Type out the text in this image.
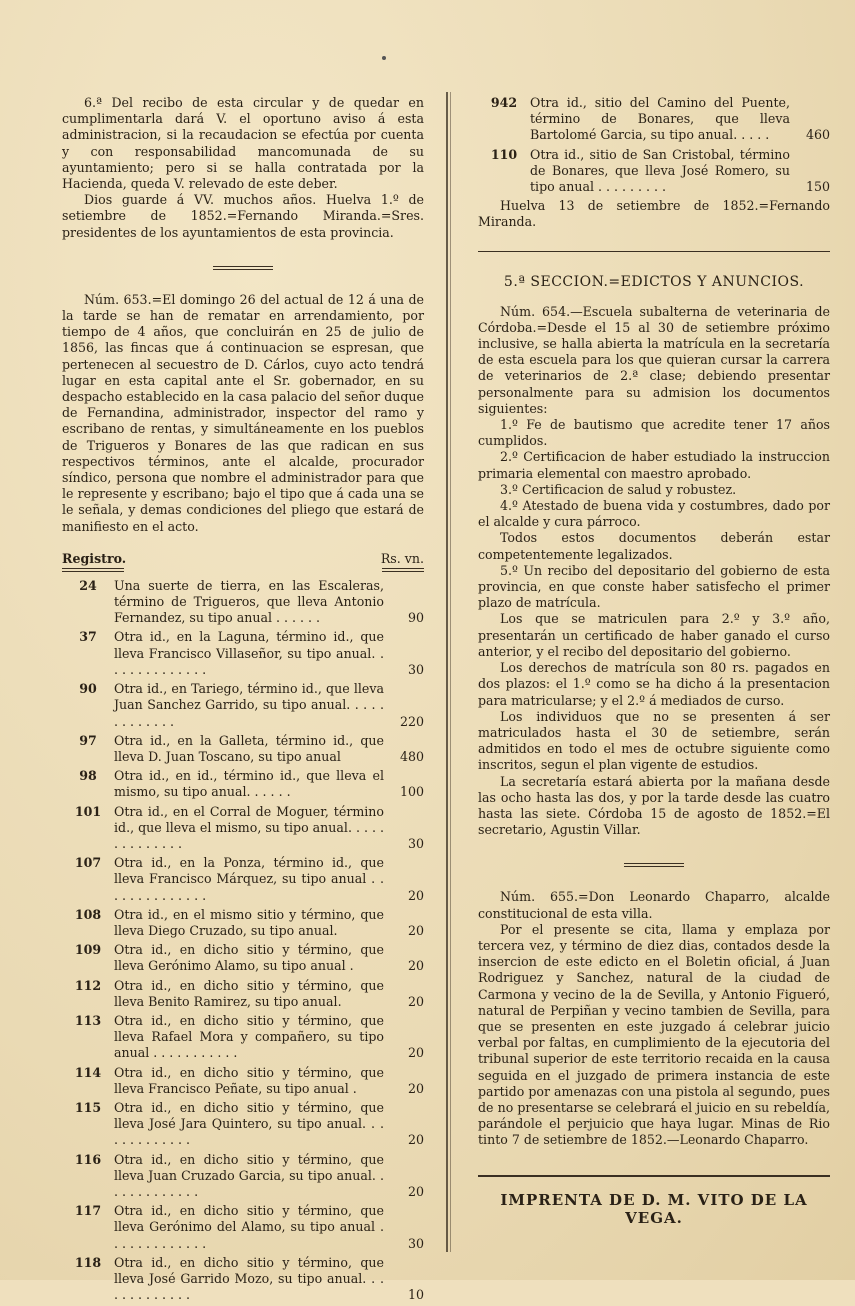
6.ª Del recibo de esta circular y de quedar en cumplimentarla dará V. el oportuno aviso á esta administracion, si la recaudacion se efectúa por cuenta y con responsabilidad mancomunada de su ayuntamiento; pero si se halla contratada por la Hacienda, queda V. relevado de este deber.

Dios guarde á VV. muchos años. Huelva 1.º de setiembre de 1852.=Fernando Miranda.=Sres. presidentes de los ayuntamientos de esta provincia.

Núm. 653.=El domingo 26 del actual de 12 á una de la tarde se han de rematar en arrendamiento, por tiempo de 4 años, que concluirán en 25 de julio de 1856, las fincas que á continuacion se espresan, que pertenecen al secuestro de D. Cárlos, cuyo acto tendrá lugar en esta capital ante el Sr. gobernador, en su despacho establecido en la casa palacio del señor duque de Fernandina, administrador, inspector del ramo y escribano de rentas, y simultáneamente en los pueblos de Trigueros y Bonares de las que radican en sus respectivos términos, ante el alcalde, procurador síndico, persona que nombre el administrador para que le represente y escribano; bajo el tipo que á cada una se le señala, y demas condiciones del pliego que estará de manifiesto en el acto.

Registro.	Rs. vn.
24	Una suerte de tierra, en las Escaleras, término de Trigueros, que lleva Antonio Fernandez, su tipo anual . . . . . .	90
37	Otra id., en la Laguna, término id., que lleva Francisco Villaseñor, su tipo anual. . . . . . . . . . . . . .	30
90	Otra id., en Tariego, término id., que lleva Juan Sanchez Garrido, su tipo anual. . . . . . . . . . . . .	220
97	Otra id., en la Galleta, término id., que lleva D. Juan Toscano, su tipo anual	480
98	Otra id., en id., término id., que lleva el mismo, su tipo anual. . . . . .	100
101	Otra id., en el Corral de Moguer, término id., que lleva el mismo, su tipo anual. . . . . . . . . . . . . .	30
107	Otra id., en la Ponza, término id., que lleva Francisco Márquez, su tipo anual . . . . . . . . . . . . . .	20
108	Otra id., en el mismo sitio y término, que lleva Diego Cruzado, su tipo anual.	20
109	Otra id., en dicho sitio y término, que lleva Gerónimo Alamo, su tipo anual .	20
112	Otra id., en dicho sitio y término, que lleva Benito Ramirez, su tipo anual.	20
113	Otra id., en dicho sitio y término, que lleva Rafael Mora y compañero, su tipo anual . . . . . . . . . . .	20
114	Otra id., en dicho sitio y término, que lleva Francisco Peñate, su tipo anual .	20
115	Otra id., en dicho sitio y término, que lleva José Jara Quintero, su tipo anual. . . . . . . . . . . . .	20
116	Otra id., en dicho sitio y término, que lleva Juan Cruzado Garcia, su tipo anual. . . . . . . . . . . . .	20
117	Otra id., en dicho sitio y término, que lleva Gerónimo del Alamo, su tipo anual . . . . . . . . . . . . .	30
118	Otra id., en dicho sitio y término, que lleva José Garrido Mozo, su tipo anual. . . . . . . . . . . . .	10
942	Otra id., sitio del Camino del Puente, término de Bonares, que lleva Bartolomé Garcia, su tipo anual. . . . .	460
110	Otra id., sitio de San Cristobal, término de Bonares, que lleva José Romero, su tipo anual . . . . . . . . .	150

Huelva 13 de setiembre de 1852.=Fernando Miranda.

5.ª SECCION.=EDICTOS Y ANUNCIOS.

Núm. 654.—Escuela subalterna de veterinaria de Córdoba.=Desde el 15 al 30 de setiembre próximo inclusive, se halla abierta la matrícula en la secretaría de esta escuela para los que quieran cursar la carrera de veterinarios de 2.ª clase; debiendo presentar personalmente para su admision los documentos siguientes:

1.º Fe de bautismo que acredite tener 17 años cumplidos.

2.º Certificacion de haber estudiado la instruccion primaria elemental con maestro aprobado.

3.º Certificacion de salud y robustez.

4.º Atestado de buena vida y costumbres, dado por el alcalde y cura párroco.

Todos estos documentos deberán estar competentemente legalizados.

5.º Un recibo del depositario del gobierno de esta provincia, en que conste haber satisfecho el primer plazo de matrícula.

Los que se matriculen para 2.º y 3.º año, presentarán un certificado de haber ganado el curso anterior, y el recibo del depositario del gobierno.

Los derechos de matrícula son 80 rs. pagados en dos plazos: el 1.º como se ha dicho á la presentacion para matricularse; y el 2.º á mediados de curso.

Los individuos que no se presenten á ser matriculados hasta el 30 de setiembre, serán admitidos en todo el mes de octubre siguiente como inscritos, segun el plan vigente de estudios.

La secretaría estará abierta por la mañana desde las ocho hasta las dos, y por la tarde desde las cuatro hasta las siete. Córdoba 15 de agosto de 1852.=El secretario, Agustin Villar.

Núm. 655.=Don Leonardo Chaparro, alcalde constitucional de esta villa.

Por el presente se cita, llama y emplaza por tercera vez, y término de diez dias, contados desde la insercion de este edicto en el Boletin oficial, á Juan Rodriguez y Sanchez, natural de la ciudad de Carmona y vecino de la de Sevilla, y Antonio Figueró, natural de Perpiñan y vecino tambien de Sevilla, para que se presenten en este juzgado á celebrar juicio verbal por faltas, en cumplimiento de la ejecutoria del tribunal superior de este territorio recaida en la causa seguida en el juzgado de primera instancia de este partido por amenazas con una pistola al segundo, pues de no presentarse se celebrará el juicio en su rebeldía, parándole el perjuicio que haya lugar. Minas de Rio tinto 7 de setiembre de 1852.—Leonardo Chaparro.

IMPRENTA DE D. M. VITO DE LA VEGA.
